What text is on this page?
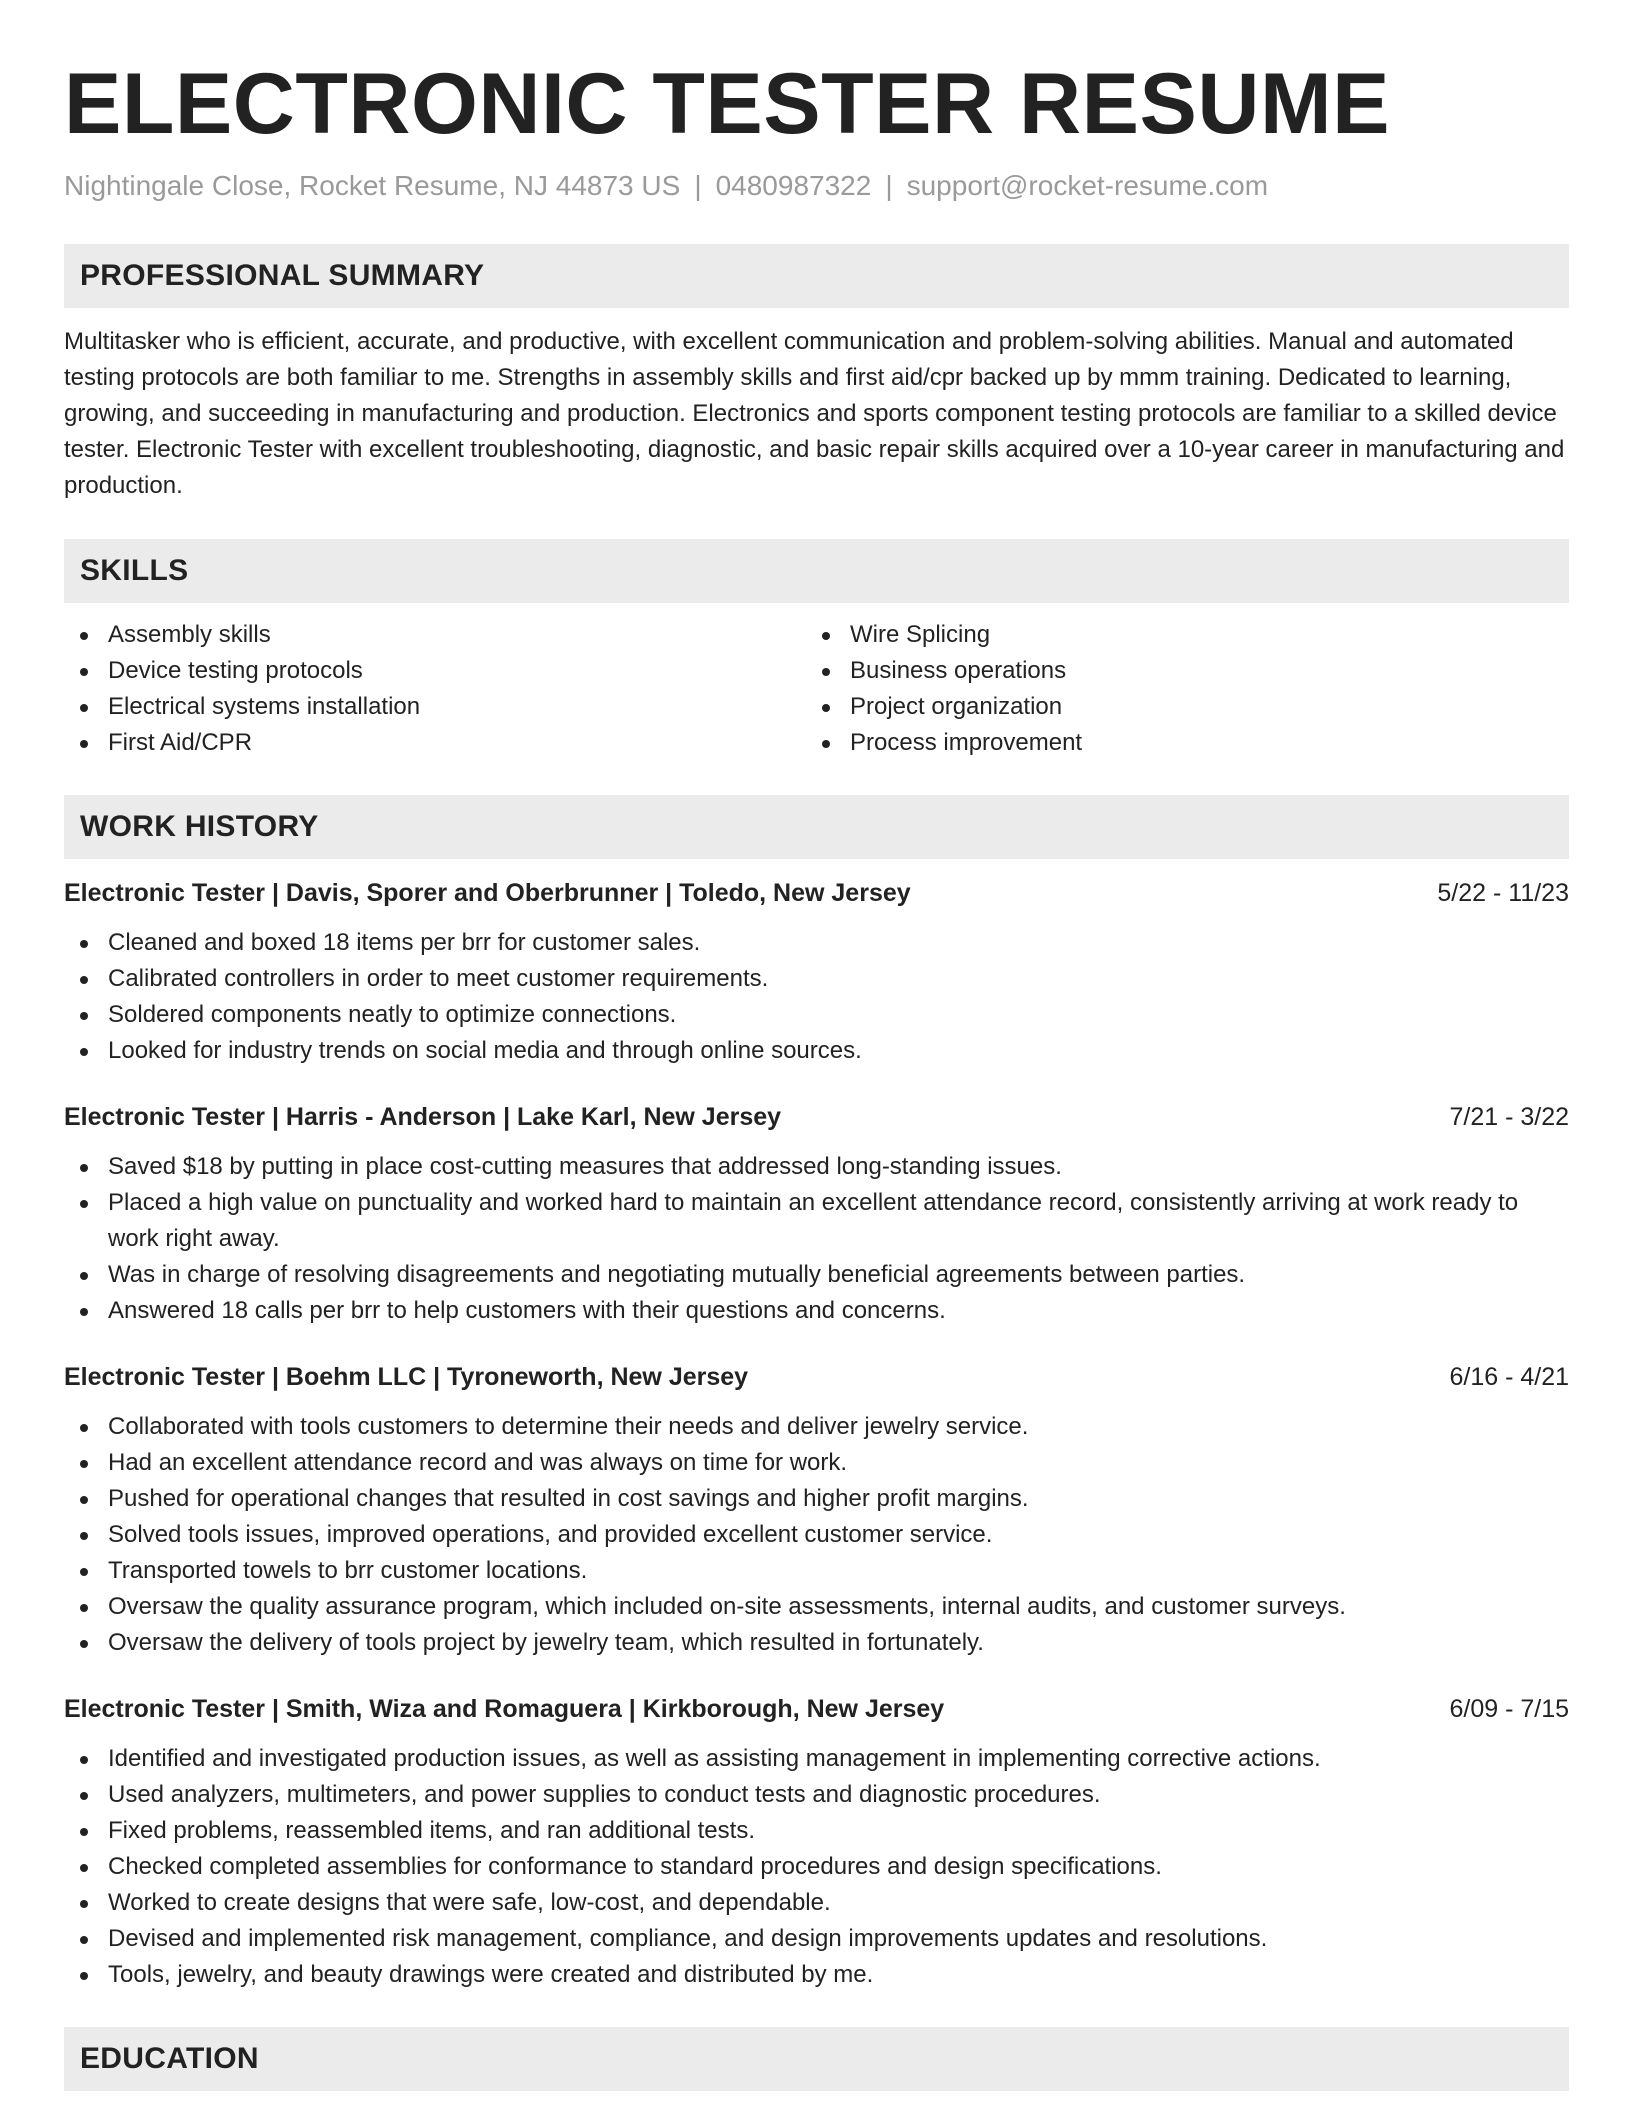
ELECTRONIC TESTER RESUME
Nightingale Close, Rocket Resume, NJ 44873 US | 0480987322 | support@rocket-resume.com
PROFESSIONAL SUMMARY

Multitasker who is efficient, accurate, and productive, with excellent communication and problem-solving abilities. Manual and automated testing protocols are both familiar to me. Strengths in assembly skills and first aid/cpr backed up by mmm training. Dedicated to learning, growing, and succeeding in manufacturing and production. Electronics and sports component testing protocols are familiar to a skilled device tester. Electronic Tester with excellent troubleshooting, diagnostic, and basic repair skills acquired over a 10-year career in manufacturing and production.

SKILLS
Assembly skills
Device testing protocols
Electrical systems installation
First Aid/CPR
Wire Splicing
Business operations
Project organization
Process improvement
WORK HISTORY
Electronic Tester | Davis, Sporer and Oberbrunner | Toledo, New Jersey	5/22 - 11/23
Cleaned and boxed 18 items per brr for customer sales.
Calibrated controllers in order to meet customer requirements.
Soldered components neatly to optimize connections.
Looked for industry trends on social media and through online sources.
Electronic Tester | Harris - Anderson | Lake Karl, New Jersey	7/21 - 3/22
Saved $18 by putting in place cost-cutting measures that addressed long-standing issues.
Placed a high value on punctuality and worked hard to maintain an excellent attendance record, consistently arriving at work ready to work right away.
Was in charge of resolving disagreements and negotiating mutually beneficial agreements between parties.
Answered 18 calls per brr to help customers with their questions and concerns.
Electronic Tester | Boehm LLC | Tyroneworth, New Jersey	6/16 - 4/21
Collaborated with tools customers to determine their needs and deliver jewelry service.
Had an excellent attendance record and was always on time for work.
Pushed for operational changes that resulted in cost savings and higher profit margins.
Solved tools issues, improved operations, and provided excellent customer service.
Transported towels to brr customer locations.
Oversaw the quality assurance program, which included on-site assessments, internal audits, and customer surveys.
Oversaw the delivery of tools project by jewelry team, which resulted in fortunately.
Electronic Tester | Smith, Wiza and Romaguera | Kirkborough, New Jersey	6/09 - 7/15
Identified and investigated production issues, as well as assisting management in implementing corrective actions.
Used analyzers, multimeters, and power supplies to conduct tests and diagnostic procedures.
Fixed problems, reassembled items, and ran additional tests.
Checked completed assemblies for conformance to standard procedures and design specifications.
Worked to create designs that were safe, low-cost, and dependable.
Devised and implemented risk management, compliance, and design improvements updates and resolutions.
Tools, jewelry, and beauty drawings were created and distributed by me.
EDUCATION
